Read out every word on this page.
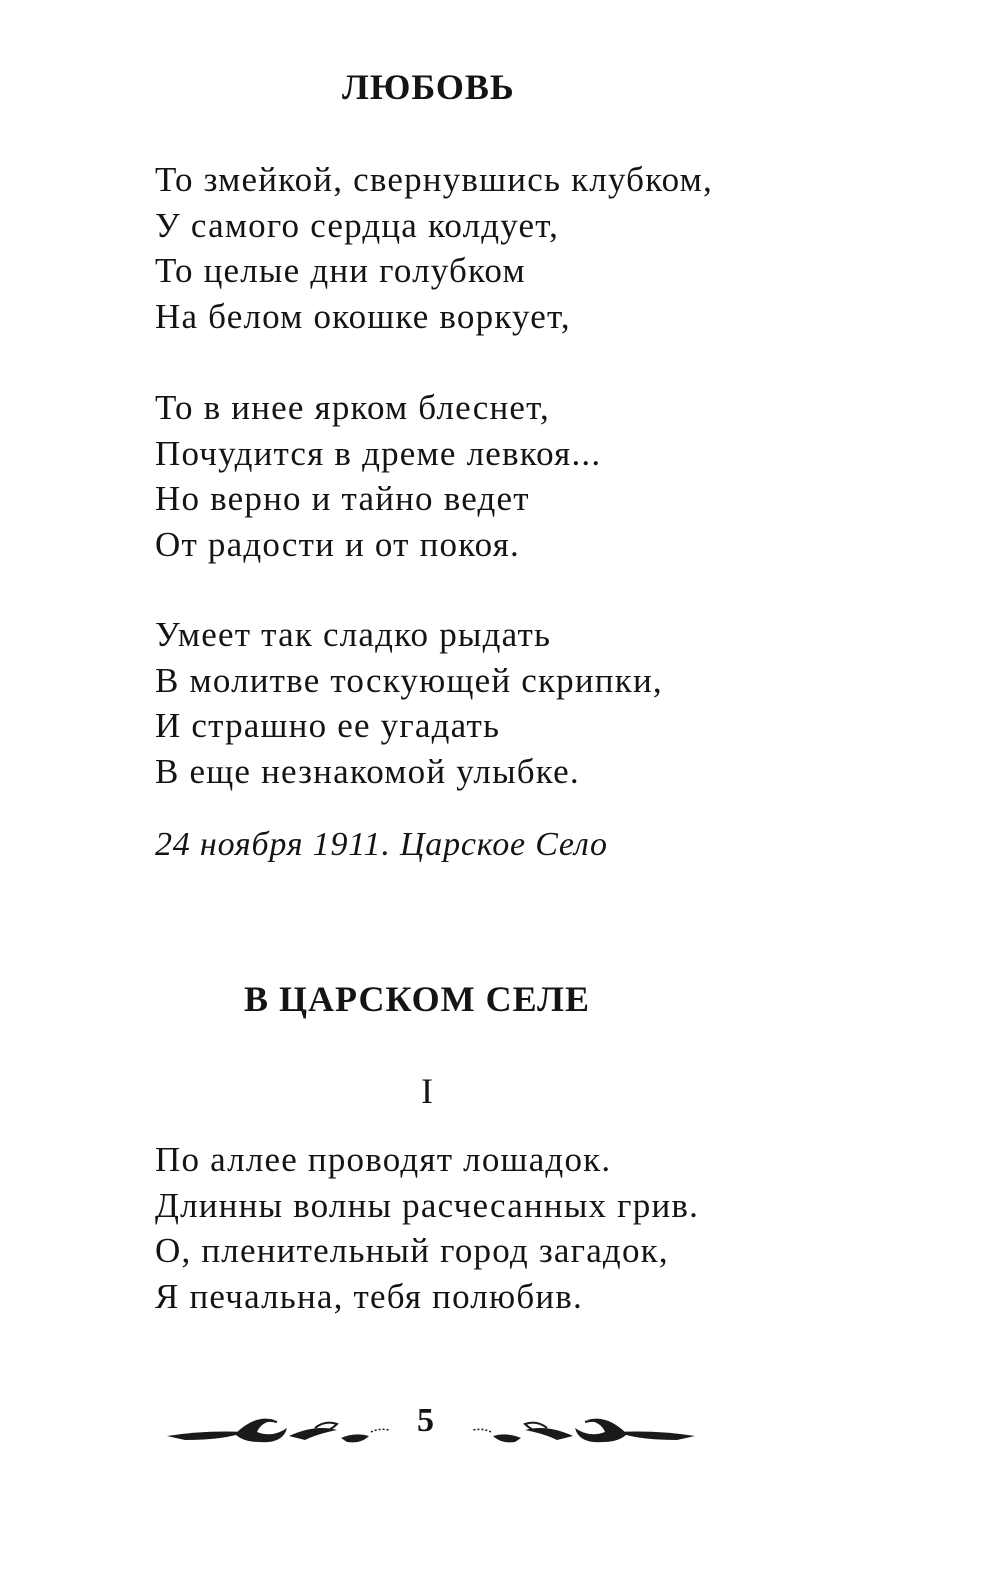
ЛЮБОВЬ
То змейкой, свернувшись клубком,
У самого сердца колдует,
То целые дни голубком
На белом окошке воркует,
То в инее ярком блеснет,
Почудится в дреме левкоя...
Но верно и тайно ведет
От радости и от покоя.
Умеет так сладко рыдать
В молитве тоскующей скрипки,
И страшно ее угадать
В еще незнакомой улыбке.

24 ноября 1911. Царское Село

В ЦАРСКОМ СЕЛЕ

I

По аллее проводят лошадок.
Длинны волны расчесанных грив.
О, пленительный город загадок,
Я печальна, тебя полюбив.

5
